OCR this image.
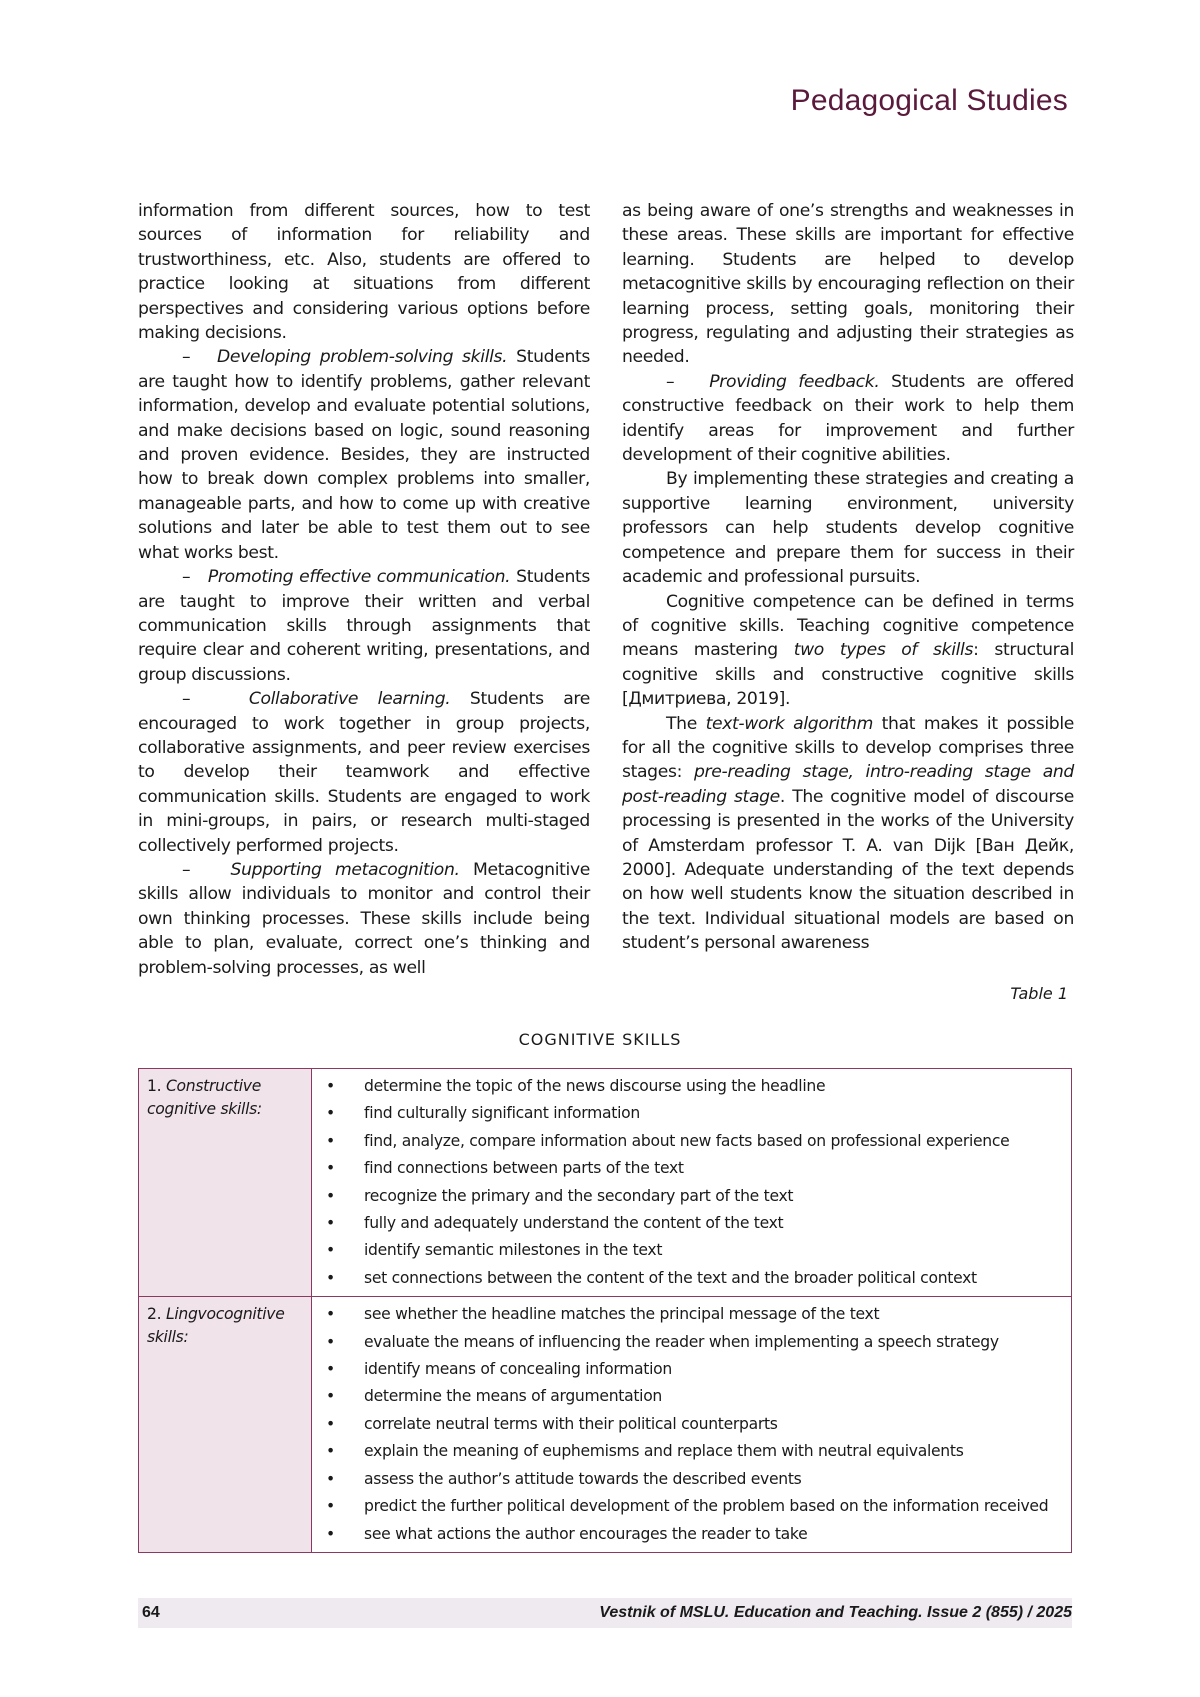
Pedagogical Studies

information from different sources, how to test sources of information for reliability and trustworthiness, etc. Also, students are offered to practice looking at situations from different perspectives and considering various options before making decisions.

– Developing problem-solving skills. Students are taught how to identify problems, gather relevant information, develop and evaluate potential solutions, and make decisions based on logic, sound reasoning and proven evidence. Besides, they are instructed how to break down complex problems into smaller, manageable parts, and how to come up with creative solutions and later be able to test them out to see what works best.

– Promoting effective communication. Students are taught to improve their written and verbal communication skills through assignments that require clear and coherent writing, presentations, and group discussions.

–	Collaborative learning. Students are encouraged to work together in group projects, collaborative assignments, and peer review exercises to develop their teamwork and effective communication skills. Students are engaged to work in mini-groups, in pairs, or research multi-staged collectively performed projects.

– Supporting metacognition. Metacognitive skills allow individuals to monitor and control their own thinking processes. These skills include being able to plan, evaluate, correct one’s thinking and problem-solving processes, as well

as being aware of one’s strengths and weaknesses in these areas. These skills are important for effective learning. Students are helped to develop metacognitive skills by encouraging reflection on their learning process, setting goals, monitoring their progress, regulating and adjusting their strategies as needed.

– Providing feedback. Students are offered constructive feedback on their work to help them identify areas for improvement and further development of their cognitive abilities.

By implementing these strategies and creating a supportive learning environment, university professors can help students develop cognitive competence and prepare them for success in their academic and professional pursuits.

Cognitive competence can be defined in terms of cognitive skills. Teaching cognitive competence means mastering two types of skills: structural cognitive skills and constructive cognitive skills [Дмитриева, 2019].

The text-work algorithm that makes it possible for all the cognitive skills to develop comprises three stages: pre-reading stage, intro-reading stage and post-reading stage. The cognitive model of discourse processing is presented in the works of the University of Amsterdam professor T. A. van Dijk [Ван Дейк, 2000]. Adequate understanding of the text depends on how well students know the situation described in the text. Individual situational models are based on student’s personal awareness

Table 1
COGNITIVE SKILLS
1. Constructive cognitive skills:	
• determine the topic of the news discourse using the headline
• find culturally significant information
• find, analyze, compare information about new facts based on professional experience
• find connections between parts of the text
• recognize the primary and the secondary part of the text
• fully and adequately understand the content of the text
• identify semantic milestones in the text
• set connections between the content of the text and the broader political context

2. Lingvocognitive skills:	
• see whether the headline matches the principal message of the text
• evaluate the means of influencing the reader when implementing a speech strategy
• identify means of concealing information
• determine the means of argumentation
• correlate neutral terms with their political counterparts
• explain the meaning of euphemisms and replace them with neutral equivalents
• assess the author’s attitude towards the described events
• predict the further political development of the problem based on the information received
• see what actions the author encourages the reader to take
64	Vestnik of MSLU. Education and Teaching. Issue 2 (855) / 2025
